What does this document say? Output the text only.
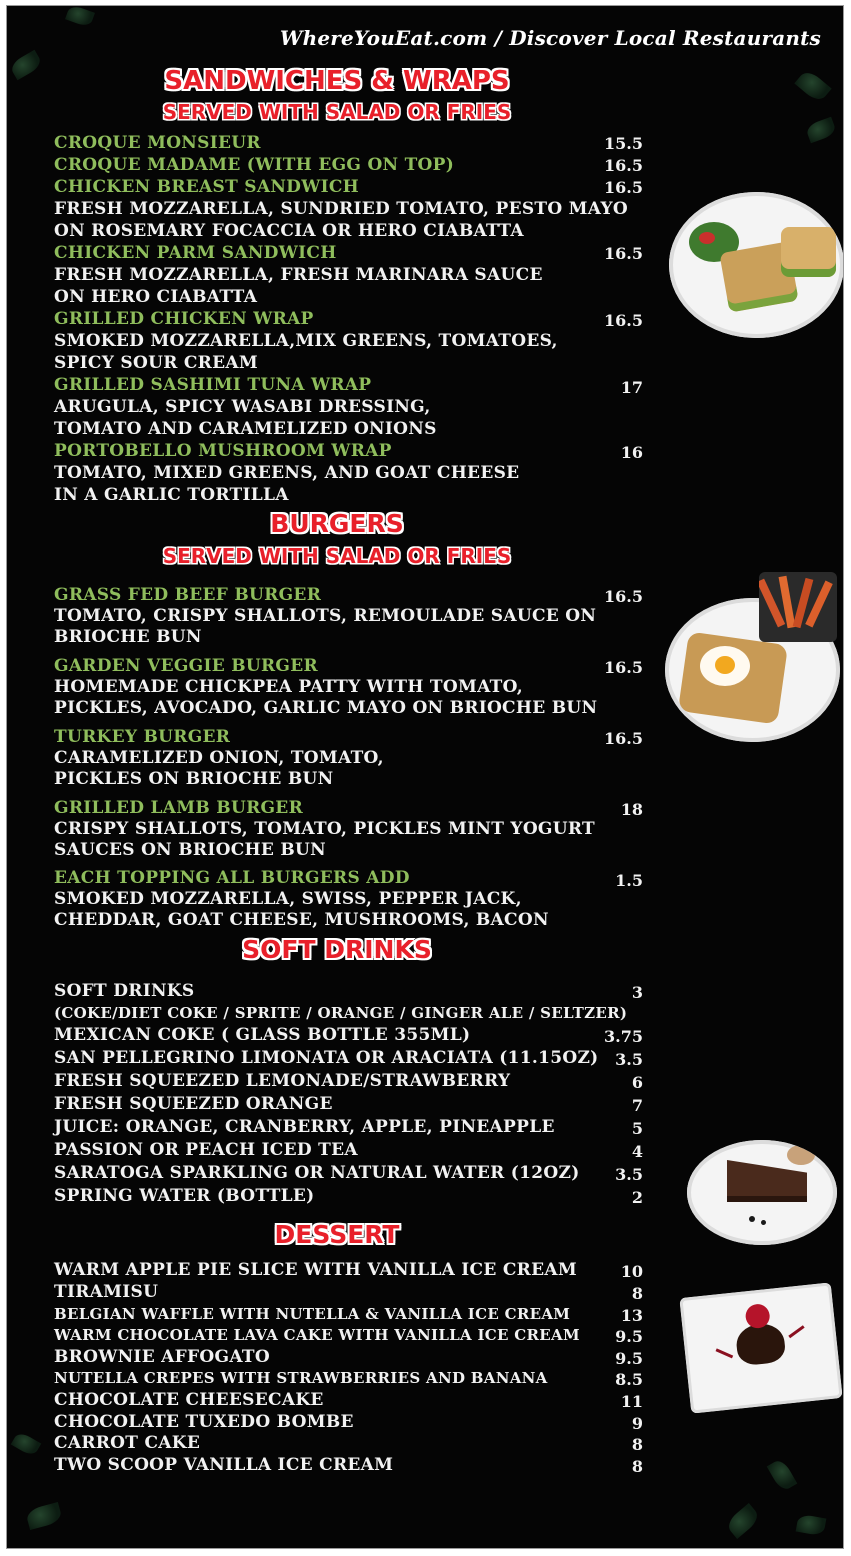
WhereYouEat.com / Discover Local Restaurants
SANDWICHES & WRAPS
SERVED WITH SALAD OR FRIES
CROQUE MONSIEUR	15.5
CROQUE MADAME (WITH EGG ON TOP)	16.5
CHICKEN BREAST SANDWICH	16.5
FRESH MOZZARELLA, SUNDRIED TOMATO, PESTO MAYO
ON ROSEMARY FOCACCIA OR HERO CIABATTA
CHICKEN PARM SANDWICH	16.5
FRESH MOZZARELLA, FRESH MARINARA SAUCE
ON HERO CIABATTA
GRILLED CHICKEN WRAP	16.5
SMOKED MOZZARELLA,MIX GREENS, TOMATOES,
SPICY SOUR CREAM
GRILLED SASHIMI TUNA WRAP	17
ARUGULA, SPICY WASABI DRESSING,
TOMATO AND CARAMELIZED ONIONS
PORTOBELLO MUSHROOM WRAP	16
TOMATO, MIXED GREENS, AND GOAT CHEESE
IN A GARLIC TORTILLA
BURGERS
SERVED WITH SALAD OR FRIES
GRASS FED BEEF BURGER	16.5
TOMATO, CRISPY SHALLOTS, REMOULADE SAUCE ON
BRIOCHE BUN
GARDEN VEGGIE BURGER	16.5
HOMEMADE CHICKPEA PATTY WITH TOMATO,
PICKLES, AVOCADO, GARLIC MAYO ON BRIOCHE BUN
TURKEY BURGER	16.5
CARAMELIZED ONION, TOMATO,
PICKLES ON BRIOCHE BUN
GRILLED LAMB BURGER	18
CRISPY SHALLOTS, TOMATO, PICKLES MINT YOGURT
SAUCES ON BRIOCHE BUN
EACH TOPPING ALL BURGERS ADD	1.5
SMOKED MOZZARELLA, SWISS, PEPPER JACK,
CHEDDAR, GOAT CHEESE, MUSHROOMS, BACON
SOFT DRINKS
SOFT DRINKS	3
(COKE/DIET COKE / SPRITE / ORANGE / GINGER ALE / SELTZER)
MEXICAN COKE ( GLASS BOTTLE 355ML)	3.75
SAN PELLEGRINO LIMONATA OR ARACIATA (11.15OZ)	3.5
FRESH SQUEEZED LEMONADE/STRAWBERRY	6
FRESH SQUEEZED ORANGE	7
JUICE: ORANGE, CRANBERRY, APPLE, PINEAPPLE	5
PASSION OR PEACH ICED TEA	4
SARATOGA SPARKLING OR NATURAL WATER (12OZ)	3.5
SPRING WATER (BOTTLE)	2
DESSERT
WARM APPLE PIE SLICE WITH VANILLA ICE CREAM	10
TIRAMISU	8
BELGIAN WAFFLE WITH NUTELLA & VANILLA ICE CREAM	13
WARM CHOCOLATE LAVA CAKE WITH VANILLA ICE CREAM	9.5
BROWNIE AFFOGATO	9.5
NUTELLA CREPES WITH STRAWBERRIES AND BANANA	8.5
CHOCOLATE CHEESECAKE	11
CHOCOLATE TUXEDO BOMBE	9
CARROT CAKE	8
TWO SCOOP VANILLA ICE CREAM	8
